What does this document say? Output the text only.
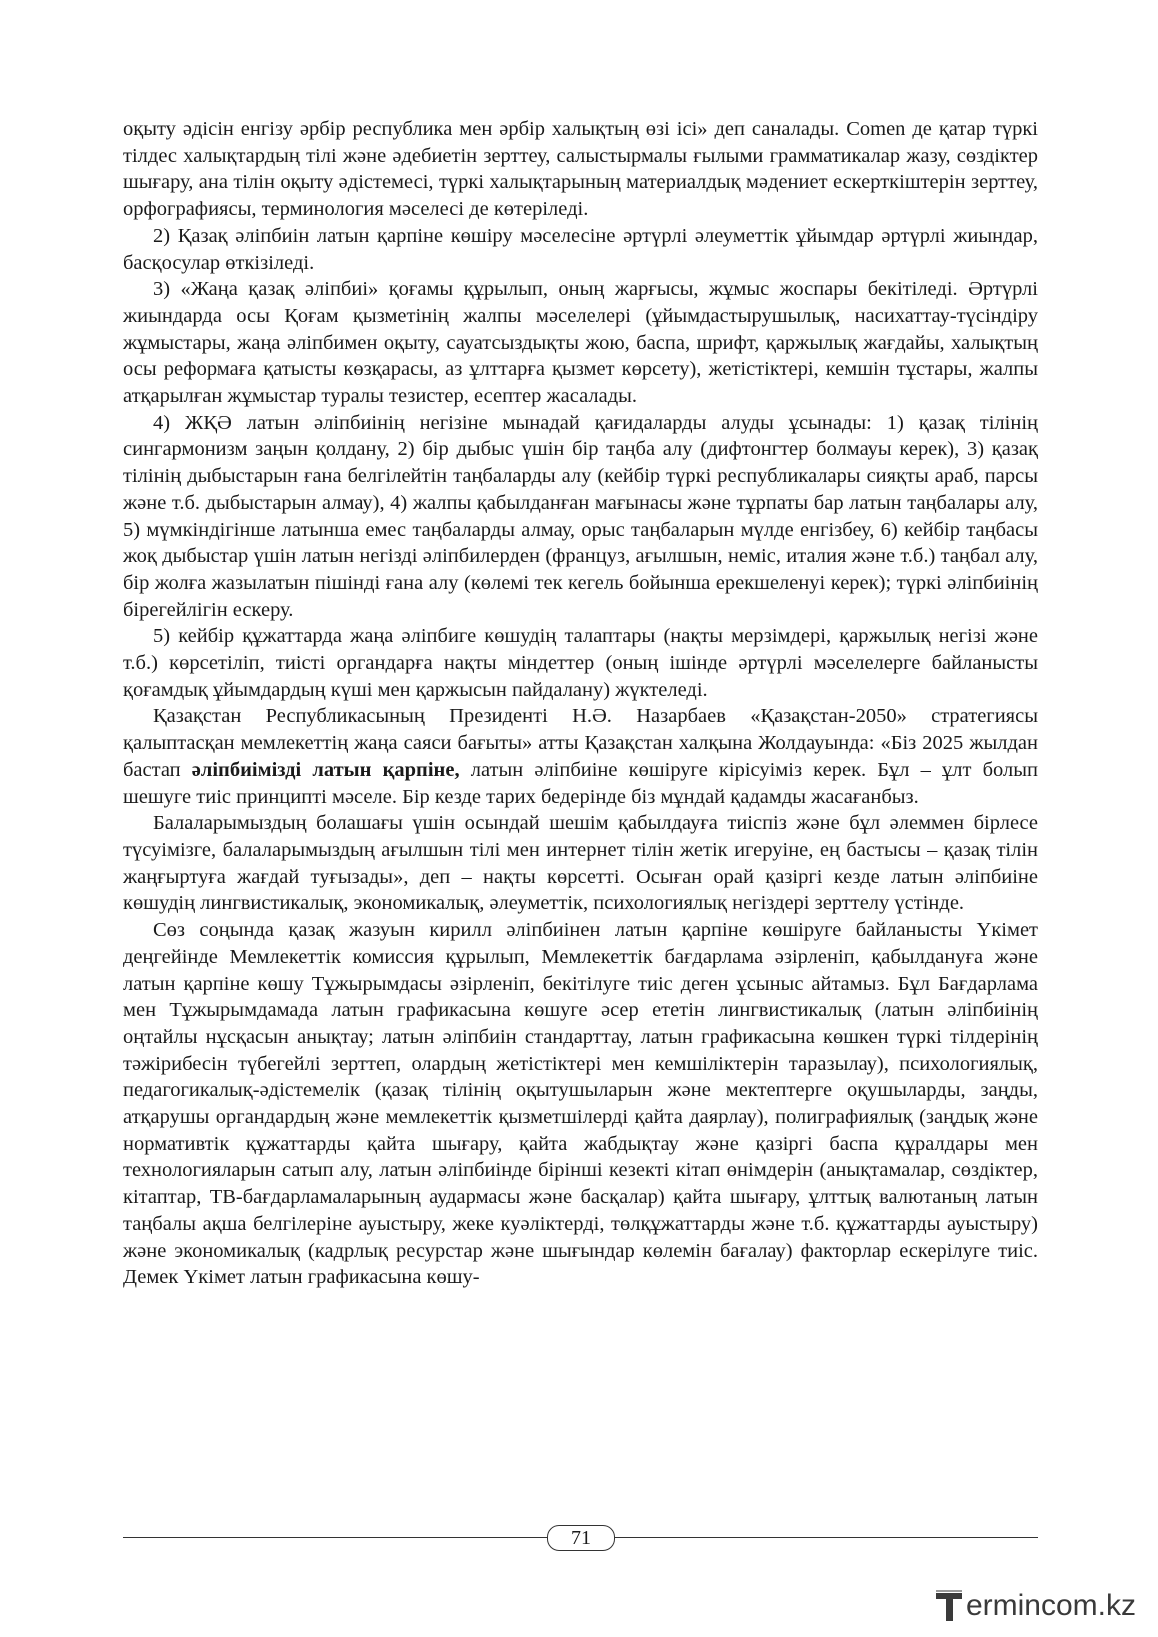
оқыту әдісін енгізу әрбір республика мен әрбір халықтың өзі ісі» деп саналады. Соmen де қатар түркі тілдес халықтардың тілі және әдебиетін зерттеу, салыстырмалы ғылыми грамматикалар жазу, сөздіктер шығару, ана тілін оқыту әдістемесі, түркі халықтарының материалдық мәдениет ескерткіштерін зерттеу, орфографиясы, терминология мәселесі де көтеріледі.

2) Қазақ әліпбиін латын қарпіне көшіру мәселесіне әртүрлі әлеуметтік ұйымдар әртүрлі жиындар, басқосулар өткізіледі.

3) «Жаңа қазақ әліпбиі» қоғамы құрылып, оның жарғысы, жұмыс жоспары бекітіледі. Әртүрлі жиындарда осы Қоғам қызметінің жалпы мәселелері (ұйымдастырушылық, насихаттау-түсіндіру жұмыстары, жаңа әліпбимен оқыту, сауатсыздықты жою, баспа, шрифт, қаржылық жағдайы, халықтың осы реформаға қатысты көзқарасы, аз ұлттарға қызмет көрсету), жетістіктері, кемшін тұстары, жалпы атқарылған жұмыстар туралы тезистер, есептер жасалады.

4) ЖҚӘ латын әліпбиінің негізіне мынадай қағидаларды алуды ұсынады: 1) қазақ тілінің сингармонизм заңын қолдану, 2) бір дыбыс үшін бір таңба алу (дифтонгтер болмауы керек), 3) қазақ тілінің дыбыстарын ғана белгілейтін таңбаларды алу (кейбір түркі республикалары сияқты араб, парсы және т.б. дыбыстарын алмау), 4) жалпы қабылданған мағынасы және тұрпаты бар латын таңбалары алу, 5) мүмкіндігінше латынша емес таңбаларды алмау, орыс таңбаларын мүлде енгізбеу, 6) кейбір таңбасы жоқ дыбыстар үшін латын негізді әліпбилерден (француз, ағылшын, неміс, италия және т.б.) таңбал алу, бір жолға жазылатын пішінді ғана алу (көлемі тек кегель бойынша ерекшеленуі керек); түркі әліпбиінің бірегейлігін ескеру.

5) кейбір құжаттарда жаңа әліпбиге көшудің талаптары (нақты мерзімдері, қаржылық негізі және т.б.) көрсетіліп, тиісті органдарға нақты міндеттер (оның ішінде әртүрлі мәселелерге байланысты қоғамдық ұйымдардың күші мен қаржысын пайдалану) жүктеледі.

Қазақстан Республикасының Президенті Н.Ә. Назарбаев «Қазақстан-2050» стратегиясы қалыптасқан мемлекеттің жаңа саяси бағыты» атты Қазақстан халқына Жолдауында: «Біз 2025 жылдан бастап әліпбиімізді латын қарпіне, латын әліпбиіне көшіруге кірісуіміз керек. Бұл – ұлт болып шешуге тиіс принципті мәселе. Бір кезде тарих бедерінде біз мұндай қадамды жасағанбыз.

Балаларымыздың болашағы үшін осындай шешім қабылдауға тиіспіз және бұл әлеммен бірлесе түсуімізге, балаларымыздың ағылшын тілі мен интернет тілін жетік игеруіне, ең бастысы – қазақ тілін жаңғыртуға жағдай туғызады», деп – нақты көрсетті. Осыған орай қазіргі кезде латын әліпбиіне көшудің лингвистикалық, экономикалық, әлеуметтік, психологиялық негіздері зерттелу үстінде.

Сөз соңында қазақ жазуын кирилл әліпбиінен латын қарпіне көшіруге байланысты Үкімет деңгейінде Мемлекеттік комиссия құрылып, Мемлекеттік бағдарлама әзірленіп, қабылдануға және латын қарпіне көшу Тұжырымдасы әзірленіп, бекітілуге тиіс деген ұсыныс айтамыз. Бұл Бағдарлама мен Тұжырымдамада латын графикасына көшуге әсер ететін лингвистикалық (латын әліпбиінің оңтайлы нұсқасын анықтау; латын әліпбиін стандарттау, латын графикасына көшкен түркі тілдерінің тәжірибесін түбегейлі зерттеп, олардың жетістіктері мен кемшіліктерін таразылау), психологиялық, педагогикалық-әдістемелік (қазақ тілінің оқытушыларын және мектептерге оқушыларды, заңды, атқарушы органдардың және мемлекеттік қызметшілерді қайта даярлау), полиграфиялық (заңдық және нормативтік құжаттарды қайта шығару, қайта жабдықтау және қазіргі баспа құралдары мен технологияларын сатып алу, латын әліпбиінде бірінші кезекті кітап өнімдерін (анықтамалар, сөздіктер, кітаптар, ТВ-бағдарламаларының аудармасы және басқалар) қайта шығару, ұлттық валютаның латын таңбалы ақша белгілеріне ауыстыру, жеке куәліктерді, төлқұжаттарды және т.б. құжаттарды ауыстыру) және экономикалық (кадрлық ресурстар және шығындар көлемін бағалау) факторлар ескерілуге тиіс. Демек Үкімет латын графикасына көшу-

71
ermincom.kz
